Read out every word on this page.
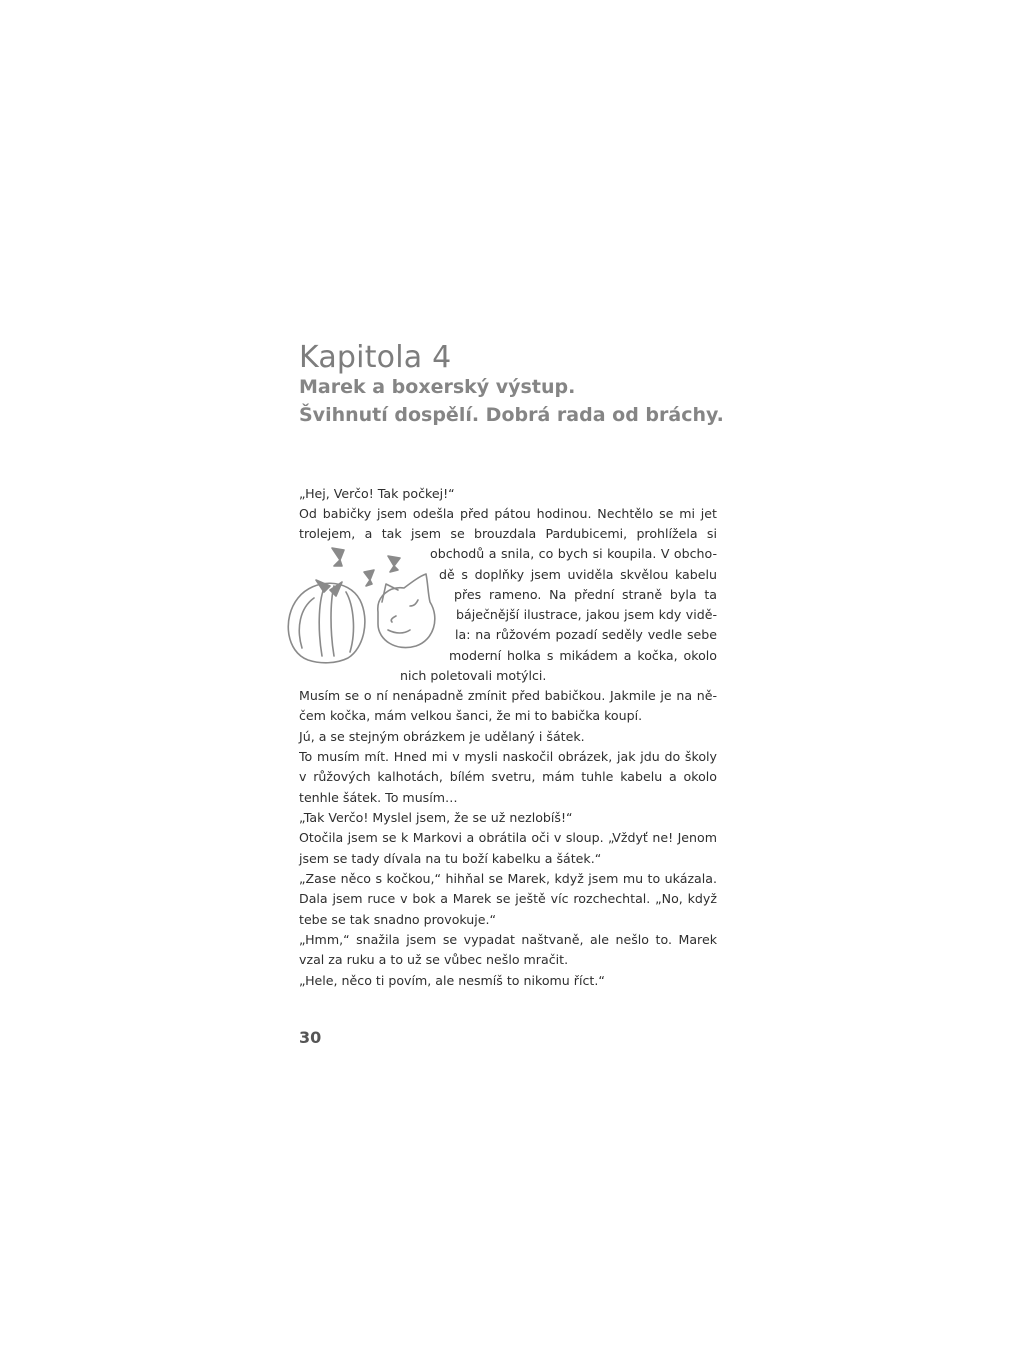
Kapitola 4
Marek a boxerský výstup.
Švihnutí dospělí. Dobrá rada od bráchy.

„Hej, Verčo! Tak počkej!“

Od babičky jsem odešla před pátou hodinou. Nechtělo se mi jet

trolejem, a tak jsem se brouzdala Pardubicemi, prohlížela si

obchodů a snila, co bych si koupila. V obcho-

dě s doplňky jsem uviděla skvělou kabelu

přes rameno. Na přední straně byla ta

báječnější ilustrace, jakou jsem kdy vidě-

la: na růžovém pozadí seděly vedle sebe

moderní holka s mikádem a kočka, okolo

nich poletovali motýlci.

Musím se o ní nenápadně zmínit před babičkou. Jakmile je na ně-

čem kočka, mám velkou šanci, že mi to babička koupí.

Jú, a se stejným obrázkem je udělaný i šátek.

To musím mít. Hned mi v mysli naskočil obrázek, jak jdu do školy

v růžových kalhotách, bílém svetru, mám tuhle kabelu a okolo

tenhle šátek. To musím…

„Tak Verčo! Myslel jsem, že se už nezlobíš!“

Otočila jsem se k Markovi a obrátila oči v sloup. „Vždyť ne! Jenom

jsem se tady dívala na tu boží kabelku a šátek.“

„Zase něco s kočkou,“ hihňal se Marek, když jsem mu to ukázala.

Dala jsem ruce v bok a Marek se ještě víc rozchechtal. „No, když

tebe se tak snadno provokuje.“

„Hmm,“ snažila jsem se vypadat naštvaně, ale nešlo to. Marek

vzal za ruku a to už se vůbec nešlo mračit.

„Hele, něco ti povím, ale nesmíš to nikomu říct.“

30
